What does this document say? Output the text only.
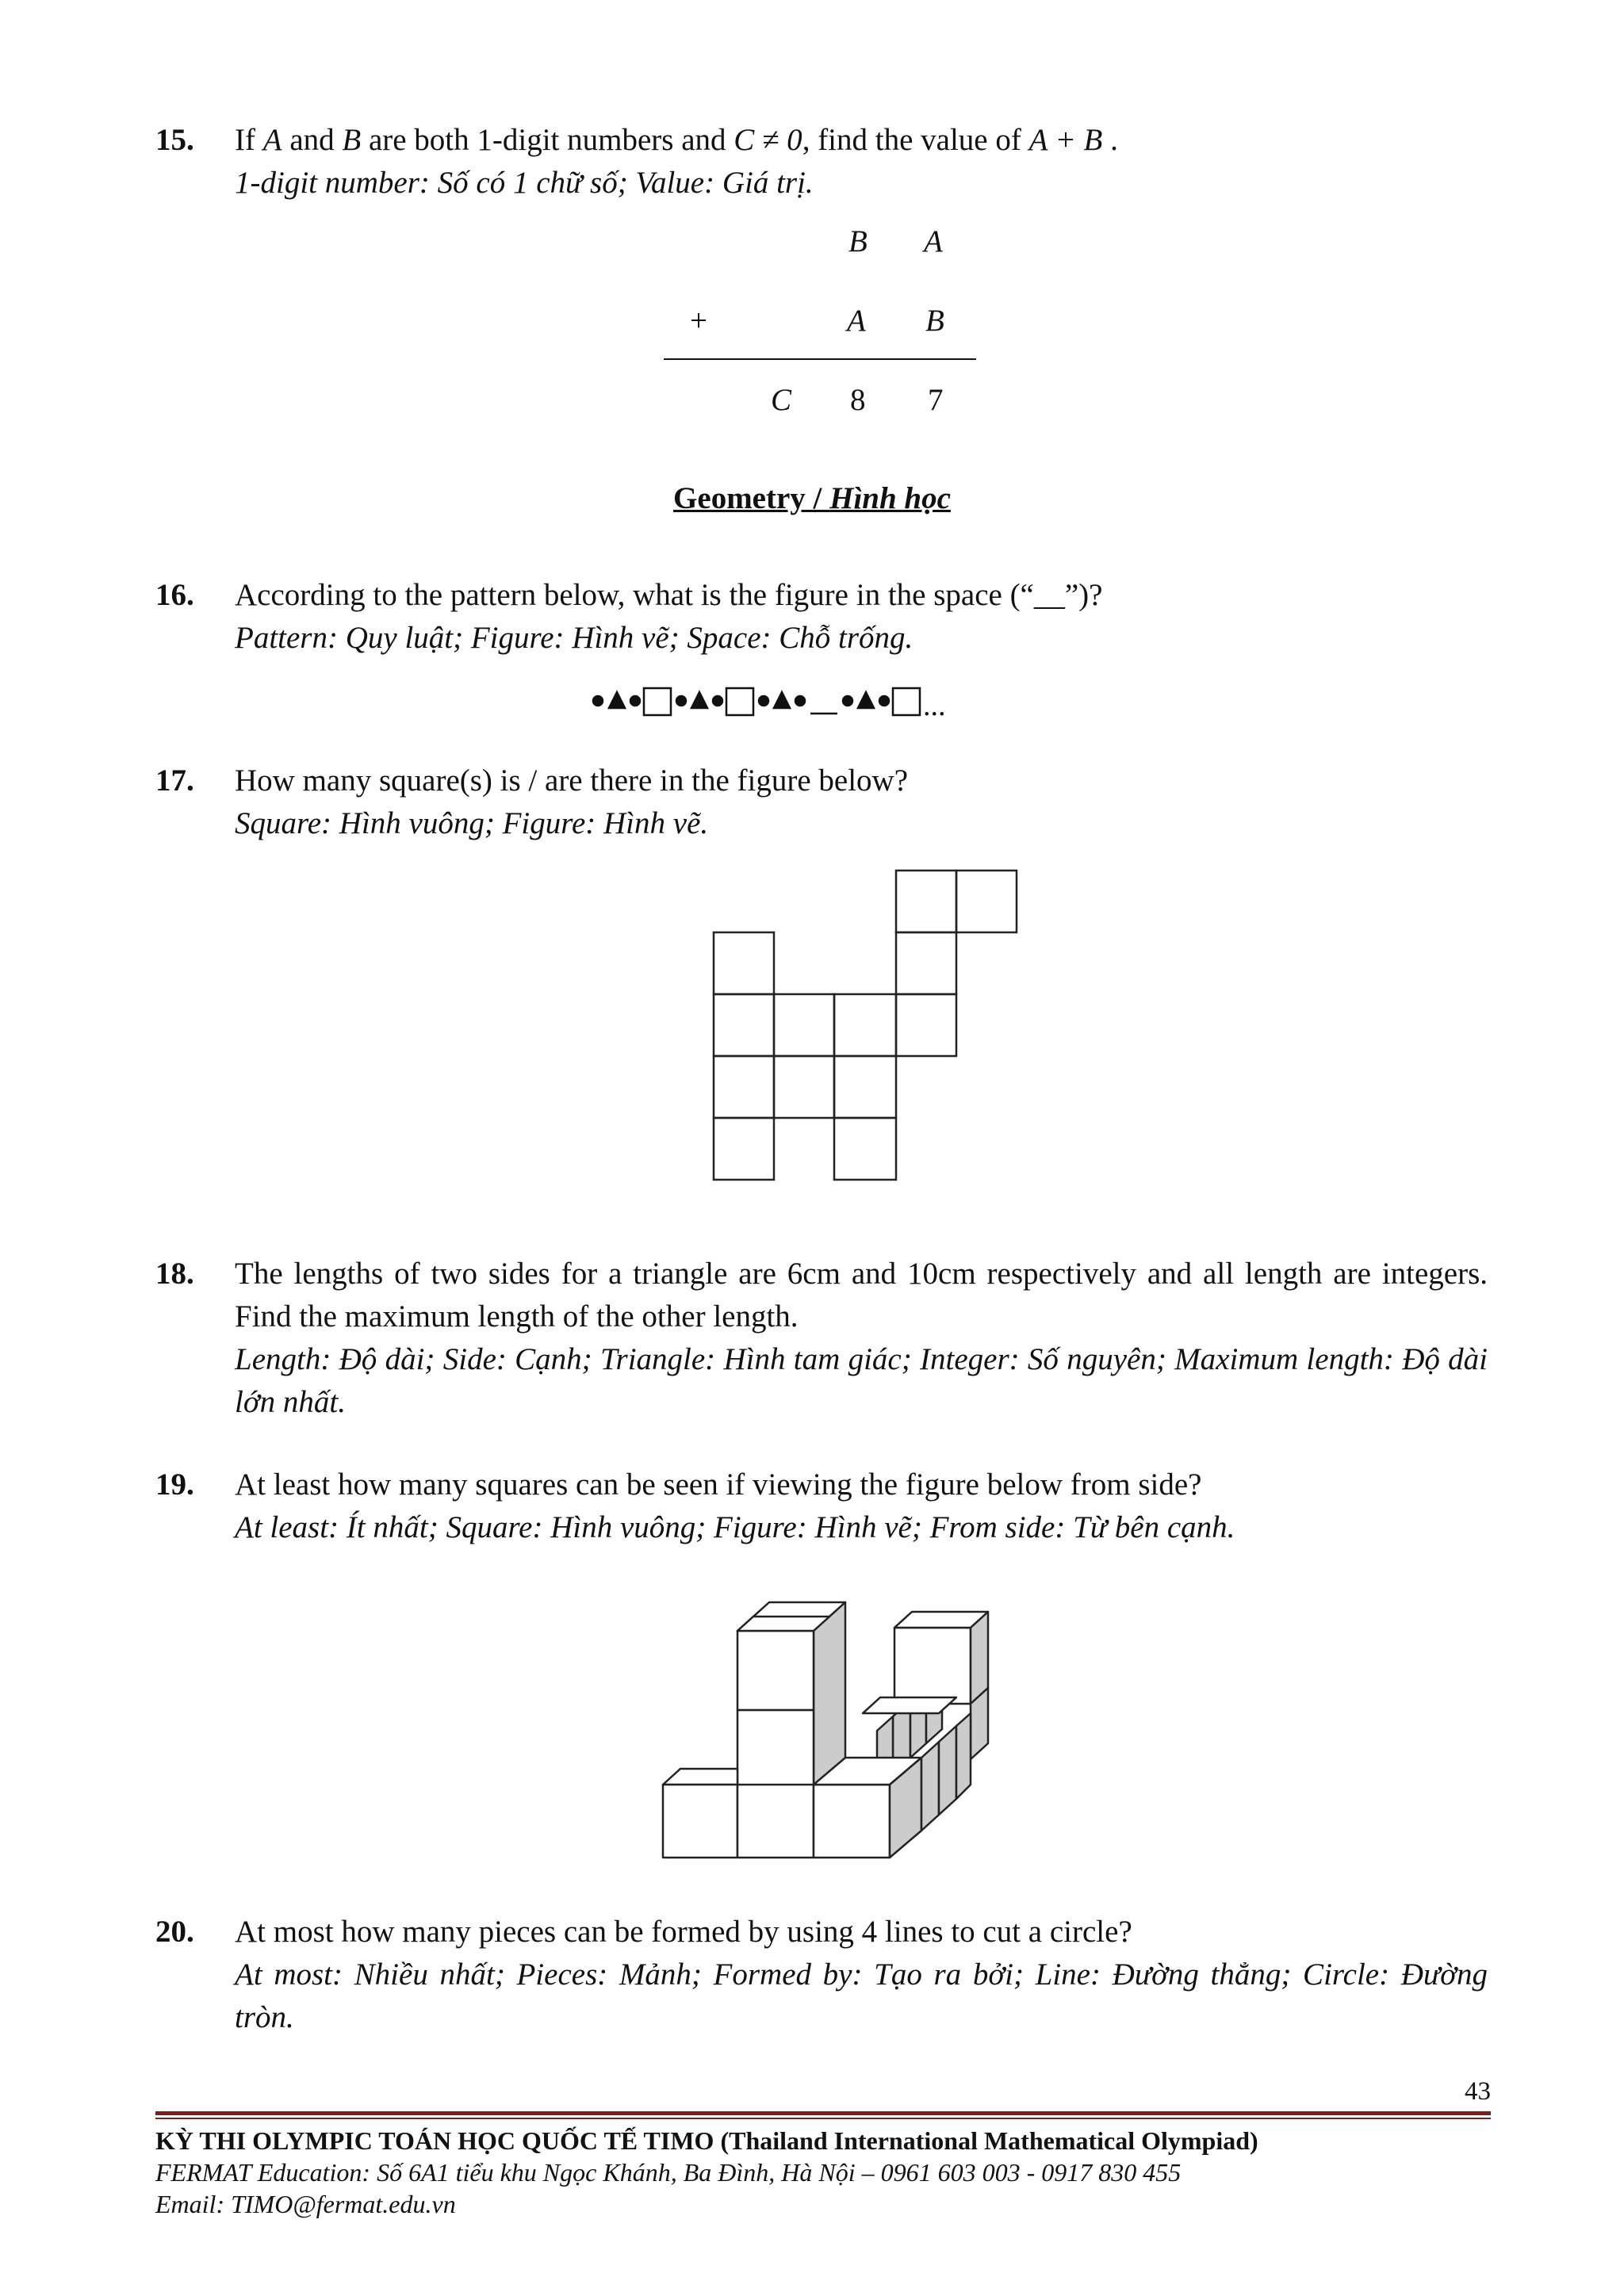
15. If A and B are both 1-digit numbers and C ≠ 0, find the value of A + B .
1-digit number: Số có 1 chữ số; Value: Giá trị.
B A
+	A B
C 8 7
Geometry / Hình học
16. According to the pattern below, what is the figure in the space (“__”)?
Pattern: Quy luật; Figure: Hình vẽ; Space: Chỗ trống.
...
17. How many square(s) is / are there in the figure below?
Square: Hình vuông; Figure: Hình vẽ.
18. The lengths of two sides for a triangle are 6cm and 10cm respectively and all length are integers. Find the maximum length of the other length.
Length: Độ dài; Side: Cạnh; Triangle: Hình tam giác; Integer: Số nguyên; Maximum length: Độ dài lớn nhất.
19. At least how many squares can be seen if viewing the figure below from side?
At least: Ít nhất; Square: Hình vuông; Figure: Hình vẽ; From side: Từ bên cạnh.
20. At most how many pieces can be formed by using 4 lines to cut a circle?
At most: Nhiều nhất; Pieces: Mảnh; Formed by: Tạo ra bởi; Line: Đường thẳng; Circle: Đường tròn.
43
KỲ THI OLYMPIC TOÁN HỌC QUỐC TẾ TIMO (Thailand International Mathematical Olympiad)
FERMAT Education: Số 6A1 tiểu khu Ngọc Khánh, Ba Đình, Hà Nội – 0961 603 003 - 0917 830 455
Email: TIMO@fermat.edu.vn
